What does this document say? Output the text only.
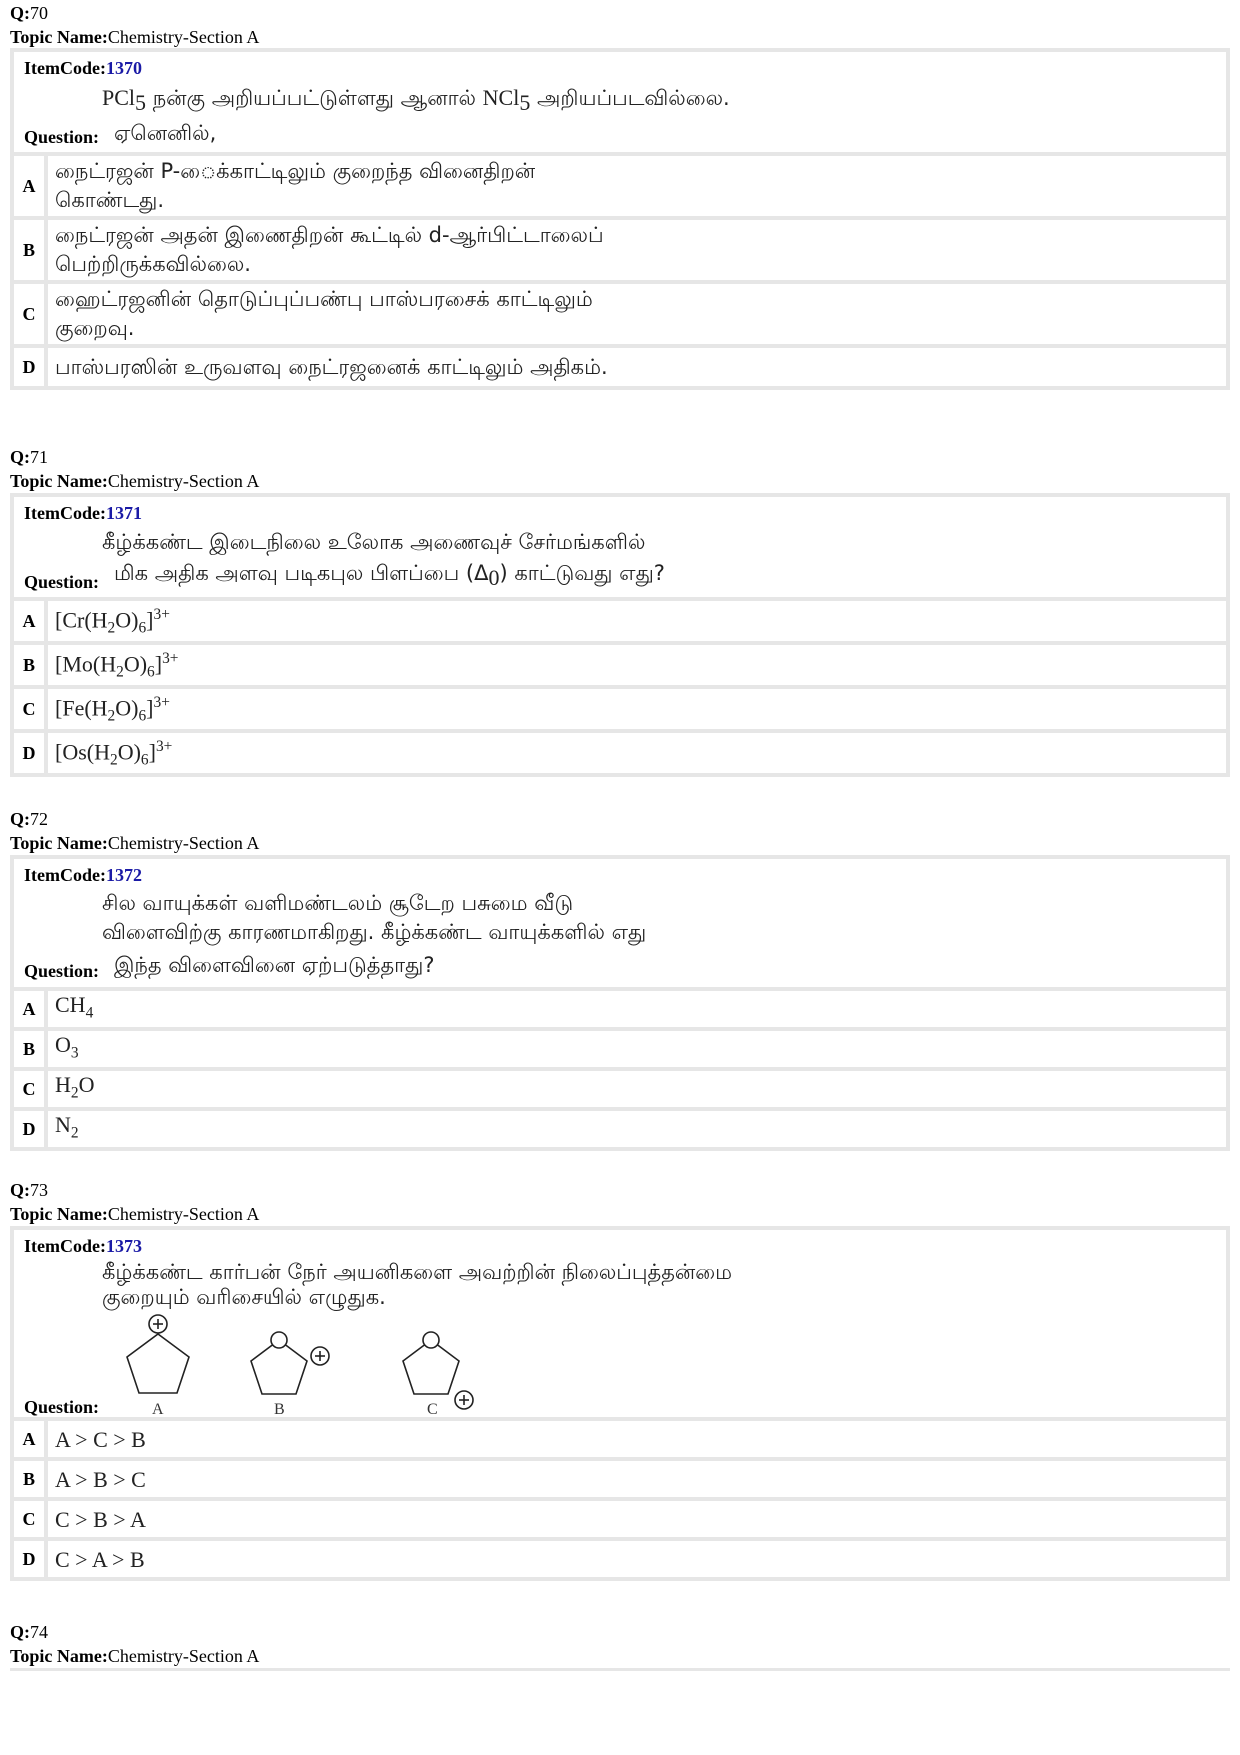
Q:70
Topic Name:Chemistry-Section A
ItemCode:1370
PCl$_5$ நன்கு அறியப்பட்டுள்ளது ஆனால் NCl$_5$ அறியப்படவில்லை.
Question: ஏனெனில்,
A
நைட்ரஜன் P-ைக்காட்டிலும் குறைந்த வினைதிறன்
கொண்டது.
B
நைட்ரஜன் அதன் இணைதிறன் கூட்டில் d-ஆர்பிட்டாலைப்
பெற்றிருக்கவில்லை.
C
ஹைட்ரஜனின் தொடுப்புப்பண்பு பாஸ்பரசைக் காட்டிலும்
குறைவு.
D பாஸ்பரஸின் உருவளவு நைட்ரஜனைக் காட்டிலும் அதிகம்.
Q:71
Topic Name:Chemistry-Section A
ItemCode:1371
கீழ்க்கண்ட இடைநிலை உலோக அணைவுச் சேர்மங்களில்
Question: மிக அதிக அளவு படிகபுல பிளப்பை $(\Delta_0)$ காட்டுவது எது?
A $[Cr(H_2O)_6]^{3+}$
B $[Mo(H_2O)_6]^{3+}$
C $[Fe(H_2O)_6]^{3+}$
D $[Os(H_2O)_6]^{3+}$
Q:72
Topic Name:Chemistry-Section A
ItemCode:1372
சில வாயுக்கள் வளிமண்டலம் சூடேற பசுமை வீடு
விளைவிற்கு காரணமாகிறது. கீழ்க்கண்ட வாயுக்களில் எது
Question: இந்த விளைவினை ஏற்படுத்தாது?
A $CH_4$
B $O_3$
C $H_2O$
D $N_2$
Q:73
Topic Name:Chemistry-Section A
ItemCode:1373
கீழ்க்கண்ட கார்பன் நேர் அயனிகளை அவற்றின் நிலைப்புத்தன்மை
குறையும் வரிசையில் எழுதுக.
A	B	C
Question:
A A > C > B
B A > B > C
C C > B > A
D C > A > B
Q:74
Topic Name:Chemistry-Section A
